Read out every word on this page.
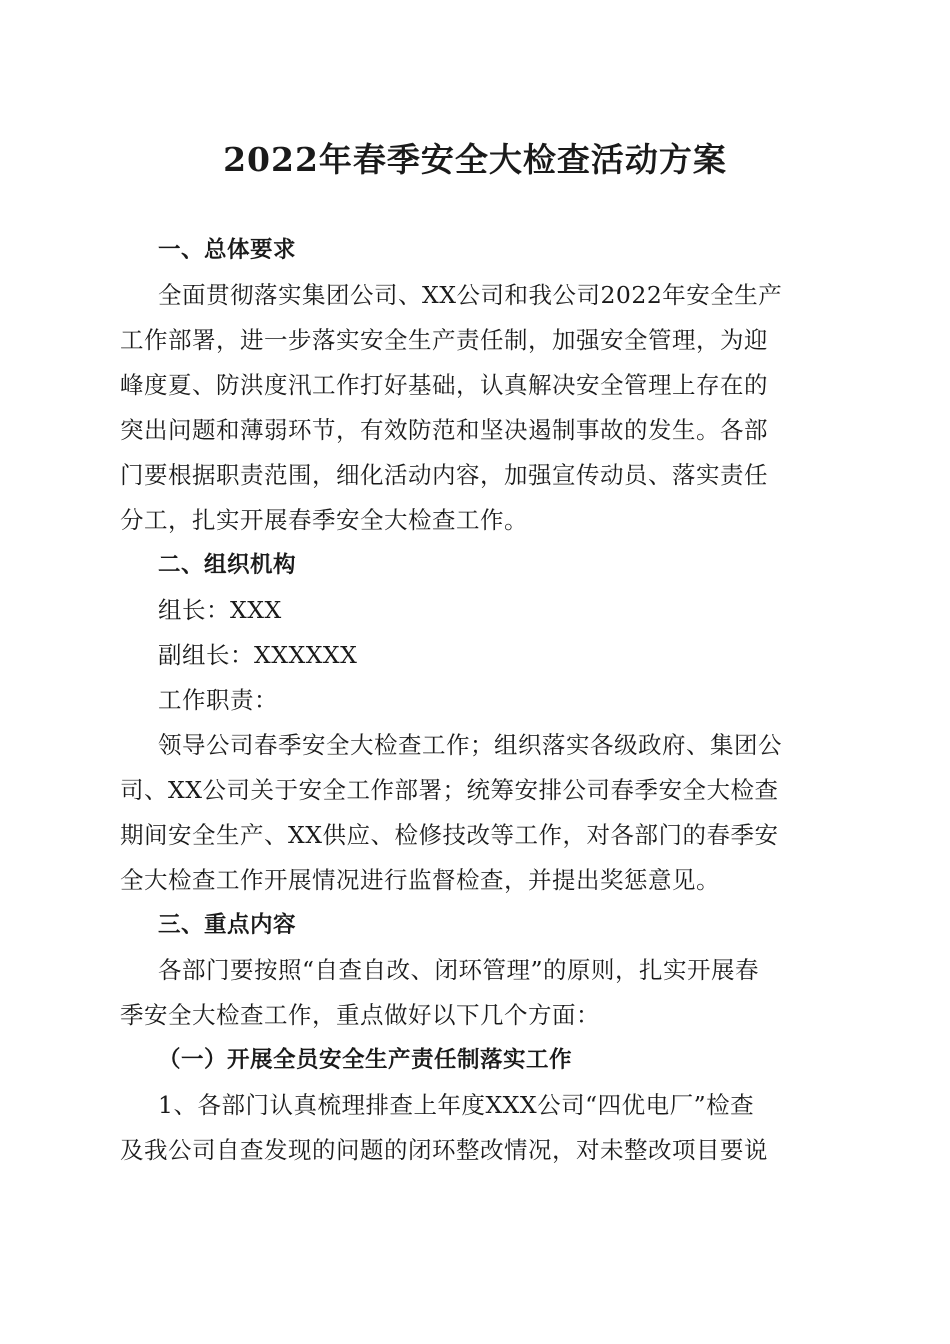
2022年春季安全大检查活动方案
一、总体要求
全面贯彻落实集团公司、XX公司和我公司2022年安全生产
工作部署，进一步落实安全生产责任制，加强安全管理，为迎
峰度夏、防洪度汛工作打好基础，认真解决安全管理上存在的
突出问题和薄弱环节，有效防范和坚决遏制事故的发生。各部
门要根据职责范围，细化活动内容，加强宣传动员、落实责任
分工，扎实开展春季安全大检查工作。
二、组织机构
组长：XXX
副组长：XXXXXX
工作职责：
领导公司春季安全大检查工作；组织落实各级政府、集团公
司、XX公司关于安全工作部署；统筹安排公司春季安全大检查
期间安全生产、XX供应、检修技改等工作，对各部门的春季安
全大检查工作开展情况进行监督检查，并提出奖惩意见。
三、重点内容
各部门要按照“自查自改、闭环管理”的原则，扎实开展春
季安全大检查工作，重点做好以下几个方面：
（一）开展全员安全生产责任制落实工作
1、各部门认真梳理排查上年度XXX公司“四优电厂”检查
及我公司自查发现的问题的闭环整改情况，对未整改项目要说
